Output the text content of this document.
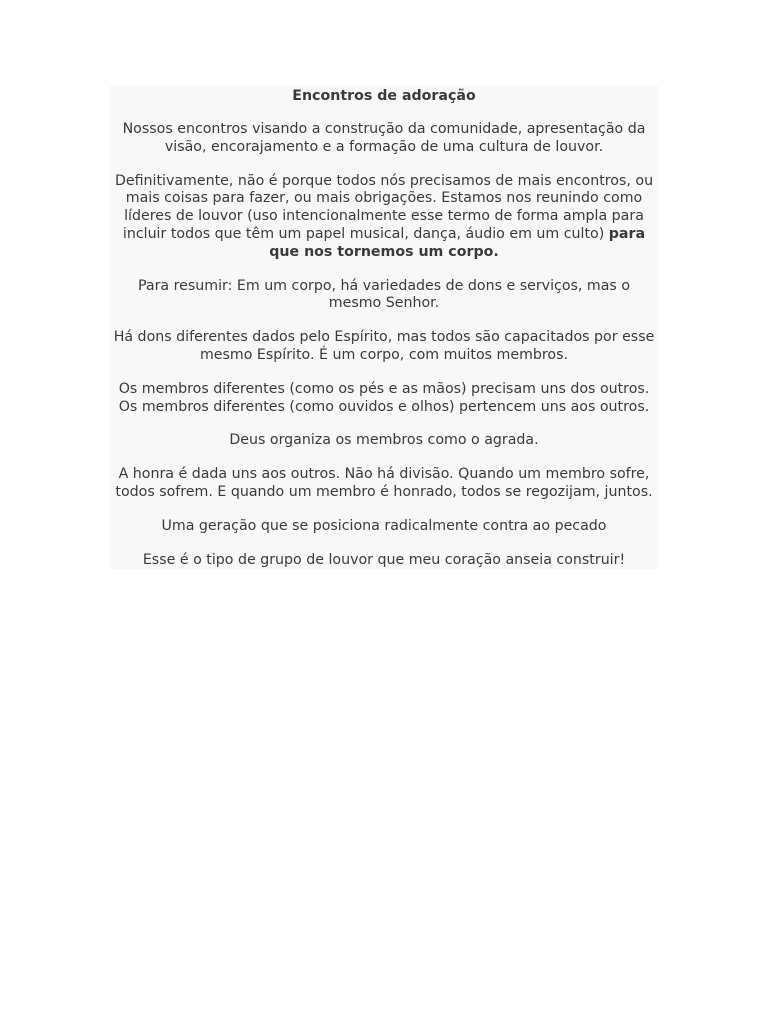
Encontros de adoração

Nossos encontros visando a construção da comunidade, apresentação da visão, encorajamento e a formação de uma cultura de louvor.

Definitivamente, não é porque todos nós precisamos de mais encontros, ou mais coisas para fazer, ou mais obrigações. Estamos nos reunindo como líderes de louvor (uso intencionalmente esse termo de forma ampla para incluir todos que têm um papel musical, dança, áudio em um culto) para que nos tornemos um corpo.

Para resumir: Em um corpo, há variedades de dons e serviços, mas o mesmo Senhor.

Há dons diferentes dados pelo Espírito, mas todos são capacitados por esse mesmo Espírito. É um corpo, com muitos membros.

Os membros diferentes (como os pés e as mãos) precisam uns dos outros. Os membros diferentes (como ouvidos e olhos) pertencem uns aos outros.

Deus organiza os membros como o agrada.

A honra é dada uns aos outros. Não há divisão. Quando um membro sofre, todos sofrem. E quando um membro é honrado, todos se regozijam, juntos.

Uma geração que se posiciona radicalmente contra ao pecado

Esse é o tipo de grupo de louvor que meu coração anseia construir!
